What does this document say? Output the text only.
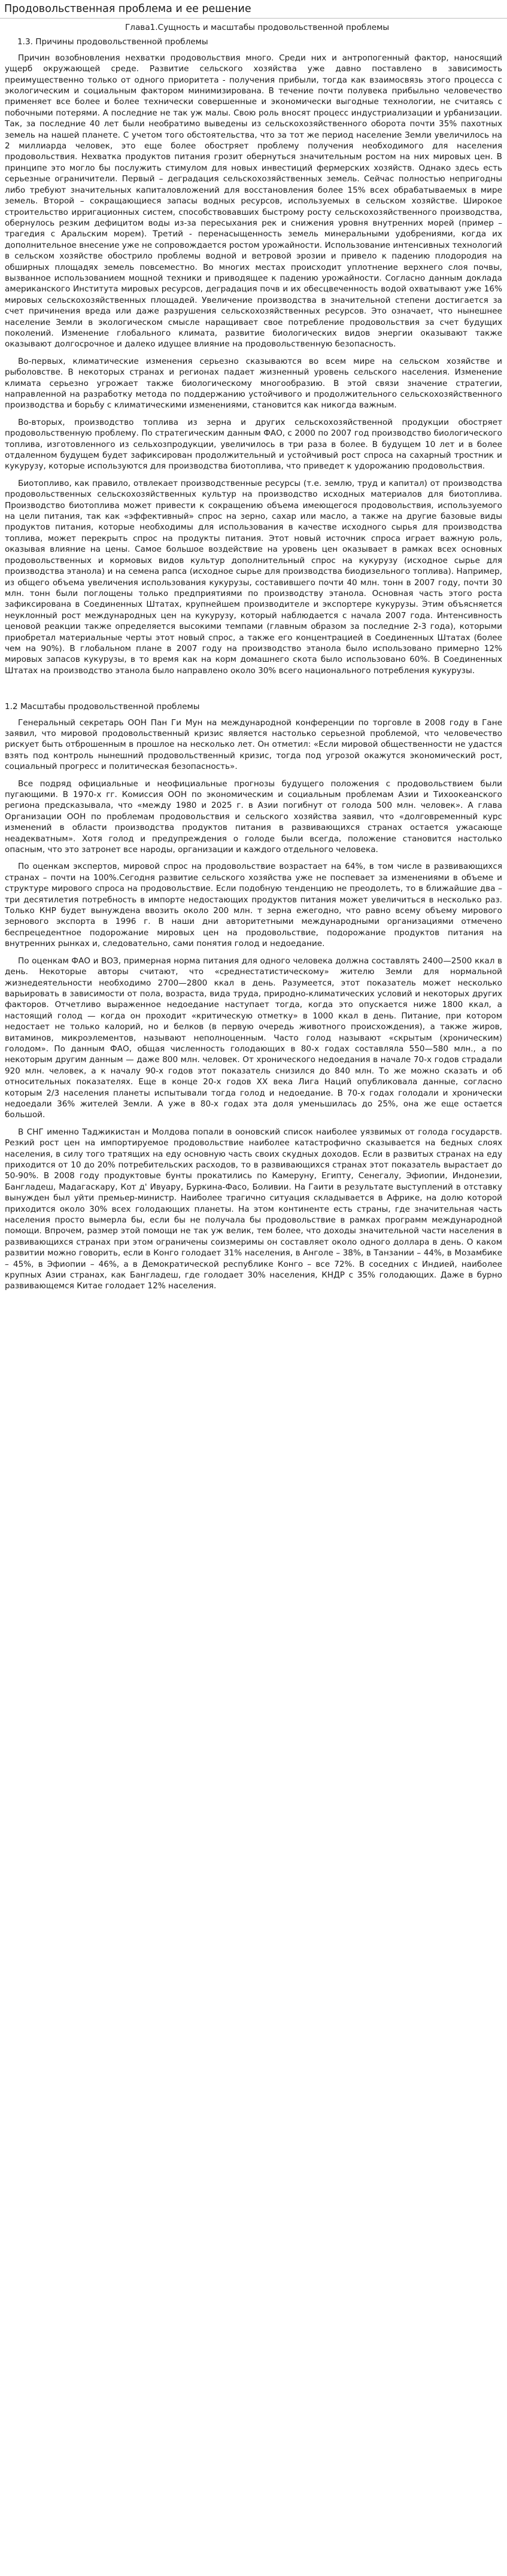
Продовольственная проблема и ее решение
Глава1.Сущность и масштабы продовольственной проблемы
1.3. Причины продовольственной проблемы

Причин возобновления нехватки продовольствия много. Среди них и антропогенный фактор, наносящий ущерб окружающей среде. Развитие сельского хозяйства уже давно поставлено в зависимость преимущественно только от одного приоритета - получения прибыли, тогда как взаимосвязь этого процесса с экологическим и социальным фактором минимизирована. В течение почти полувека прибыльно человечество применяет все более и более технически совершенные и экономически выгодные технологии, не считаясь с побочными потерями. А последние не так уж малы. Свою роль вносят процесс индустриализации и урбанизации. Так, за последние 40 лет были необратимо выведены из сельскохозяйственного оборота почти 35% пахотных земель на нашей планете. С учетом того обстоятельства, что за тот же период население Земли увеличилось на 2 миллиарда человек, это еще более обостряет проблему получения необходимого для населения продовольствия. Нехватка продуктов питания грозит обернуться значительным ростом на них мировых цен. В принципе это могло бы послужить стимулом для новых инвестиций фермерских хозяйств. Однако здесь есть серьезные ограничители. Первый – деградация сельскохозяйственных земель. Сейчас полностью непригодны либо требуют значительных капиталовложений для восстановления более 15% всех обрабатываемых в мире земель. Второй – сокращающиеся запасы водных ресурсов, используемых в сельском хозяйстве. Широкое строительство ирригационных систем, способствовавших быстрому росту сельскохозяйственного производства, обернулось резким дефицитом воды из-за пересыхания рек и снижения уровня внутренних морей (пример – трагедия с Аральским морем). Третий - перенасыщенность земель минеральными удобрениями, когда их дополнительное внесение уже не сопровождается ростом урожайности. Использование интенсивных технологий в сельском хозяйстве обострило проблемы водной и ветровой эрозии и привело к падению плодородия на обширных площадях земель повсеместно. Во многих местах происходит уплотнение верхнего слоя почвы, вызванное использованием мощной техники и приводящее к падению урожайности. Согласно данным доклада американского Института мировых ресурсов, деградация почв и их обесцвеченность водой охватывают уже 16% мировых сельскохозяйственных площадей. Увеличение производства в значительной степени достигается за счет причинения вреда или даже разрушения сельскохозяйственных ресурсов. Это означает, что нынешнее население Земли в экологическом смысле наращивает свое потребление продовольствия за счет будущих поколений. Изменение глобального климата, развитие биологических видов энергии оказывают также оказывают долгосрочное и далеко идущее влияние на продовольственную безопасность.

Во-первых, климатические изменения серьезно сказываются во всем мире на сельском хозяйстве и рыболовстве. В некоторых странах и регионах падает жизненный уровень сельского населения. Изменение климата серьезно угрожает также биологическому многообразию. В этой связи значение стратегии, направленной на разработку метода по поддержанию устойчивого и продолжительного сельскохозяйственного производства и борьбу с климатическими изменениями, становится как никогда важным.

Во-вторых, производство топлива из зерна и других сельскохозяйственной продукции обостряет продовольственную проблему. По стратегическим данным ФАО, с 2000 по 2007 год производство биологического топлива, изготовленного из сельхозпродукции, увеличилось в три раза в более. В будущем 10 лет и в более отдаленном будущем будет зафиксирован продолжительный и устойчивый рост спроса на сахарный тростник и кукурузу, которые используются для производства биотоплива, что приведет к удорожанию продовольствия.

Биотопливо, как правило, отвлекает производственные ресурсы (т.е. землю, труд и капитал) от производства продовольственных сельскохозяйственных культур на производство исходных материалов для биотоплива. Производство биотоплива может привести к сокращению объема имеющегося продовольствия, используемого на цели питания, так как «эффективный» спрос на зерно, сахар или масло, а также на другие базовые виды продуктов питания, которые необходимы для использования в качестве исходного сырья для производства топлива, может перекрыть спрос на продукты питания. Этот новый источник спроса играет важную роль, оказывая влияние на цены. Самое большое воздействие на уровень цен оказывает в рамках всех основных продовольственных и кормовых видов культур дополнительный спрос на кукурузу (исходное сырье для производства этанола) и на семена рапса (исходное сырье для производства биодизельного топлива). Например, из общего объема увеличения использования кукурузы, составившего почти 40 млн. тонн в 2007 году, почти 30 млн. тонн были поглощены только предприятиями по производству этанола. Основная часть этого роста зафиксирована в Соединенных Штатах, крупнейшем производителе и экспортере кукурузы. Этим объясняется неуклонный рост международных цен на кукурузу, который наблюдается с начала 2007 года. Интенсивность ценовой реакции также определяется высокими темпами (главным образом за последние 2-3 года), которыми приобретал материальные черты этот новый спрос, а также его концентрацией в Соединенных Штатах (более чем на 90%). В глобальном плане в 2007 году на производство этанола было использовано примерно 12% мировых запасов кукурузы, в то время как на корм домашнего скота было использовано 60%. В Соединенных Штатах на производство этанола было направлено около 30% всего национального потребления кукурузы.

1.2 Масштабы продовольственной проблемы

Генеральный секретарь ООН Пан Ги Мун на международной конференции по торговле в 2008 году в Гане заявил, что мировой продовольственный кризис является настолько серьезной проблемой, что человечество рискует быть отброшенным в прошлое на несколько лет. Он отметил: «Если мировой общественности не удастся взять под контроль нынешний продовольственный кризис, тогда под угрозой окажутся экономический рост, социальный прогресс и политическая безопасность».

Все подряд официальные и неофициальные прогнозы будущего положения с продовольствием были пугающими. В 1970-х гг. Комиссия ООН по экономическим и социальным проблемам Азии и Тихоокеанского региона предсказывала, что «между 1980 и 2025 г. в Азии погибнут от голода 500 млн. человек». А глава Организации ООН по проблемам продовольствия и сельского хозяйства заявил, что «долговременный курс изменений в области производства продуктов питания в развивающихся странах остается ужасающе неадекватным». Хотя голод и предупреждения о голоде были всегда, положение становится настолько опасным, что это затронет все народы, организации и каждого отдельного человека.

По оценкам экспертов, мировой спрос на продовольствие возрастает на 64%, в том числе в развивающихся странах – почти на 100%.Сегодня развитие сельского хозяйства уже не поспевает за изменениями в объеме и структуре мирового спроса на продовольствие. Если подобную тенденцию не преодолеть, то в ближайшие два – три десятилетия потребность в импорте недостающих продуктов питания может увеличиться в несколько раз. Только КНР будет вынуждена ввозить около 200 млн. т зерна ежегодно, что равно всему объему мирового зернового экспорта в 1996 г. В наши дни авторитетными международными организациями отмечено беспрецедентное подорожание мировых цен на продовольствие, подорожание продуктов питания на внутренних рынках и, следовательно, сами понятия голод и недоедание.

По оценкам ФАО и ВОЗ, примерная норма питания для одного человека должна составлять 2400—2500 ккал в день. Некоторые авторы считают, что «среднестатистическому» жителю Земли для нормальной жизнедеятельности необходимо 2700—2800 ккал в день. Разумеется, этот показатель может несколько варьировать в зависимости от пола, возраста, вида труда, природно-климатических условий и некоторых других факторов. Отчетливо выраженное недоедание наступает тогда, когда это опускается ниже 1800 ккал, а настоящий голод — когда он проходит «критическую отметку» в 1000 ккал в день. Питание, при котором недостает не только калорий, но и белков (в первую очередь животного происхождения), а также жиров, витаминов, микроэлементов, называют неполноценным. Часто голод называют «скрытым (хроническим) голодом». По данным ФАО, общая численность голодающих в 80-х годах составляла 550—580 млн., а по некоторым другим данным — даже 800 млн. человек. От хронического недоедания в начале 70-х годов страдали 920 млн. человек, а к началу 90-х годов этот показатель снизился до 840 млн. То же можно сказать и об относительных показателях. Еще в конце 20-х годов XX века Лига Наций опубликовала данные, согласно которым 2/3 населения планеты испытывали тогда голод и недоедание. В 70-х годах голодали и хронически недоедали 36% жителей Земли. А уже в 80-х годах эта доля уменьшилась до 25%, она же еще остается большой.

В СНГ именно Таджикистан и Молдова попали в ооновский список наиболее уязвимых от голода государств. Резкий рост цен на импортируемое продовольствие наиболее катастрофично сказывается на бедных слоях населения, в силу того тратящих на еду основную часть своих скудных доходов. Если в развитых странах на еду приходится от 10 до 20% потребительских расходов, то в развивающихся странах этот показатель вырастает до 50-90%. В 2008 году продуктовые бунты прокатились по Камеруну, Египту, Сенегалу, Эфиопии, Индонезии, Бангладеш, Мадагаскару, Кот д' Ивуару, Буркина-Фасо, Боливии. На Гаити в результате выступлений в отставку вынужден был уйти премьер-министр. Наиболее трагично ситуация складывается в Африке, на долю которой приходится около 30% всех голодающих планеты. На этом континенте есть страны, где значительная часть населения просто вымерла бы, если бы не получала бы продовольствие в рамках программ международной помощи. Впрочем, размер этой помощи не так уж велик, тем более, что доходы значительной части населения в развивающихся странах при этом ограничены соизмеримы он составляет около одного доллара в день. О каком развитии можно говорить, если в Конго голодает 31% населения, в Анголе – 38%, в Танзании – 44%, в Мозамбике – 45%, в Эфиопии – 46%, а в Демократической республике Конго – все 72%. В соседних с Индией, наиболее крупных Азии странах, как Бангладеш, где голодает 30% населения, КНДР с 35% голодающих. Даже в бурно развивающемся Китае голодает 12% населения.
